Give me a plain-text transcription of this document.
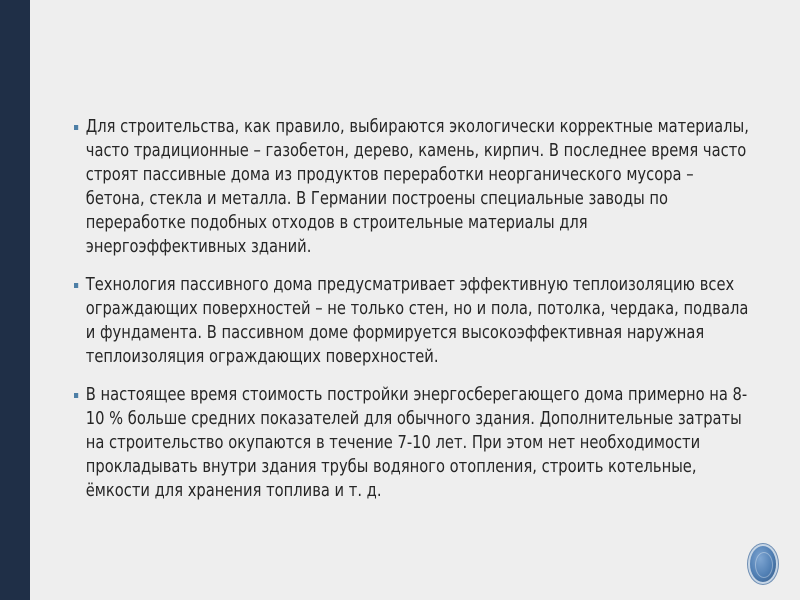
Для строительства, как правило, выбираются экологически корректные материалы, часто традиционные – газобетон, дерево, камень, кирпич. В последнее время часто строят пассивные дома из продуктов переработки неорганического мусора – бетона, стекла и металла. В Германии построены специальные заводы по переработке подобных отходов в строительные материалы для энергоэффективных зданий.
Технология пассивного дома предусматривает эффективную теплоизоляцию всех ограждающих поверхностей – не только стен, но и пола, потолка, чердака, подвала и фундамента. В пассивном доме формируется высокоэффективная наружная теплоизоляция ограждающих поверхностей.
В настоящее время стоимость постройки энергосберегающего дома примерно на 8-10 % больше средних показателей для обычного здания. Дополнительные затраты на строительство окупаются в течение 7-10 лет. При этом нет необходимости прокладывать внутри здания трубы водяного отопления, строить котельные, ёмкости для хранения топлива и т. д.
